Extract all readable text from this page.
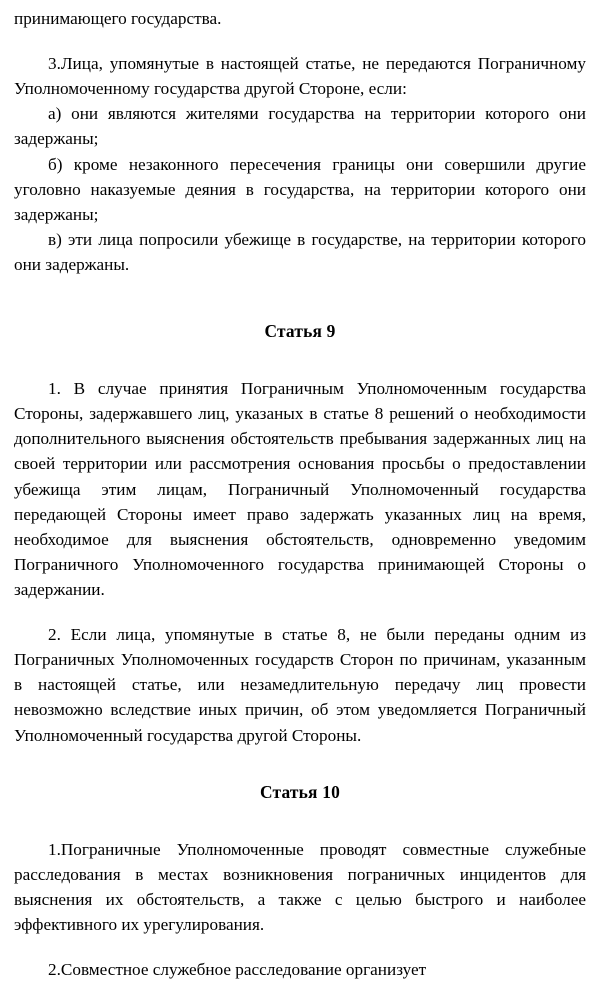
принимающего государства.

3.Лица, упомянутые в настоящей статье, не передаются Пограничному Уполномоченному государства другой Стороне, если:

а) они являются жителями государства на территории которого они задержаны;

б) кроме незаконного пересечения границы они совершили другие уголовно наказуемые деяния в государства, на территории которого они задержаны;

в) эти лица попросили убежище в государстве, на территории которого они задержаны.

Статья 9

1. В случае принятия Пограничным Уполномоченным государства Стороны, задержавшего лиц, указаных в статье 8 решений о необходимости дополнительного выяснения обстоятельств пребывания задержанных лиц на своей территории или рассмотрения основания просьбы о предоставлении убежища этим лицам, Пограничный Уполномоченный государства передающей Стороны имеет право задержать указанных лиц на время, необходимое для выяснения обстоятельств, одновременно уведомим Пограничного Уполномоченного государства принимающей Стороны о задержании.

2. Если лица, упомянутые в статье 8, не были переданы одним из Пограничных Уполномоченных государств Сторон по причинам, указанным в настоящей статье, или незамедлительную передачу лиц провести невозможно вследствие иных причин, об этом уведомляется Пограничный Уполномоченный государства другой Стороны.

Статья 10

1.Пограничные Уполномоченные проводят совместные служебные расследования в местах возникновения пограничных инцидентов для выяснения их обстоятельств, а также с целью быстрого и наиболее эффективного их урегулирования.

2.Совместное служебное расследование организует
